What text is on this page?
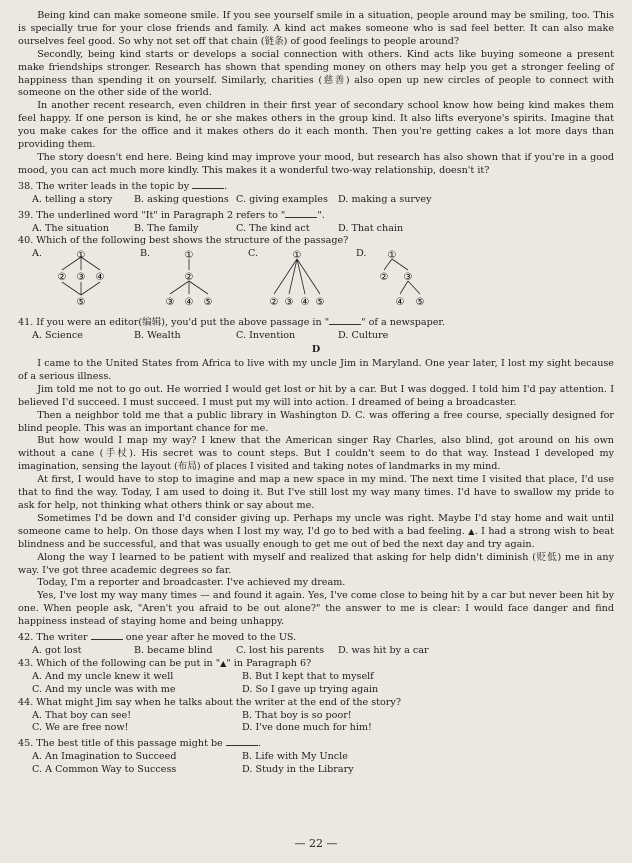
Being kind can make someone smile. If you see yourself smile in a situation, people around may be smiling, too. This is specially true for your close friends and family. A kind act makes someone who is sad feel better. It can also make ourselves feel good. So why not set off that chain (链条) of good feelings to people around?

Secondly, being kind starts or develops a social connection with others. Kind acts like buying someone a present make friendships stronger. Research has shown that spending money on others may help you get a stronger feeling of happiness than spending it on yourself. Similarly, charities (慈善) also open up new circles of people to connect with someone on the other side of the world.

In another recent research, even children in their first year of secondary school know how being kind makes them feel happy. If one person is kind, he or she makes others in the group kind. It also lifts everyone's spirits. Imagine that you make cakes for the office and it makes others do it each month. Then you're getting cakes a lot more days than providing them.

The story doesn't end here. Being kind may improve your mood, but research has also shown that if you're in a good mood, you can act much more kindly. This makes it a wonderful two-way relationship, doesn't it?

38. The writer leads in the topic by	.
A. telling a story	B. asking questions C. giving examples	D. making a survey
39. The underlined word "It" in Paragraph 2 refers to "	".
A. The situation	B. The family	C. The kind act	D. That chain
40. Which of the following best shows the structure of the passage?
A.	①
② ③ ④
⑤
B.	①
②
③ ④ ⑤
C.	①
② ③ ④ ⑤
D.	①
② ③
④ ⑤
41. If you were an editor(编辑), you'd put the above passage in "	" of a newspaper.
A. Science	B. Wealth	C. Invention	D. Culture
D

I came to the United States from Africa to live with my uncle Jim in Maryland. One year later, I lost my sight because of a serious illness.

Jim told me not to go out. He worried I would get lost or hit by a car. But I was dogged. I told him I'd pay attention. I believed I'd succeed. I must succeed. I must put my will into action. I dreamed of being a broadcaster.

Then a neighbor told me that a public library in Washington D. C. was offering a free course, specially designed for blind people. This was an important chance for me.

But how would I map my way? I knew that the American singer Ray Charles, also blind, got around on his own without a cane (手杖). His secret was to count steps. But I couldn't seem to do that way. Instead I developed my imagination, sensing the layout (布局) of places I visited and taking notes of landmarks in my mind.

At first, I would have to stop to imagine and map a new space in my mind. The next time I visited that place, I'd use that to find the way. Today, I am used to doing it. But I've still lost my way many times. I'd have to swallow my pride to ask for help, not thinking what others think or say about me.

Sometimes I'd be down and I'd consider giving up. Perhaps my uncle was right. Maybe I'd stay home and wait until someone came to help. On those days when I lost my way, I'd go to bed with a bad feeling. ▲. I had a strong wish to beat blindness and be successful, and that was usually enough to get me out of bed the next day and try again.

Along the way I learned to be patient with myself and realized that asking for help didn't diminish (贬低) me in any way. I've got three academic degrees so far.

Today, I'm a reporter and broadcaster. I've achieved my dream.

Yes, I've lost my way many times — and found it again. Yes, I've come close to being hit by a car but never been hit by one. When people ask, "Aren't you afraid to be out alone?" the answer to me is clear: I would face danger and find happiness instead of staying home and being unhappy.

42. The writer	one year after he moved to the US.
A. got lost	B. became blind	C. lost his parents	D. was hit by a car
43. Which of the following can be put in "▲" in Paragraph 6?
A. And my uncle knew it well	B. But I kept that to myself
C. And my uncle was with me	D. So I gave up trying again
44. What might Jim say when he talks about the writer at the end of the story?
A. That boy can see!	B. That boy is so poor!
C. We are free now!	D. I've done much for him!
45. The best title of this passage might be	.
A. An Imagination to Succeed	B. Life with My Uncle
C. A Common Way to Success	D. Study in the Library
— 22 —
